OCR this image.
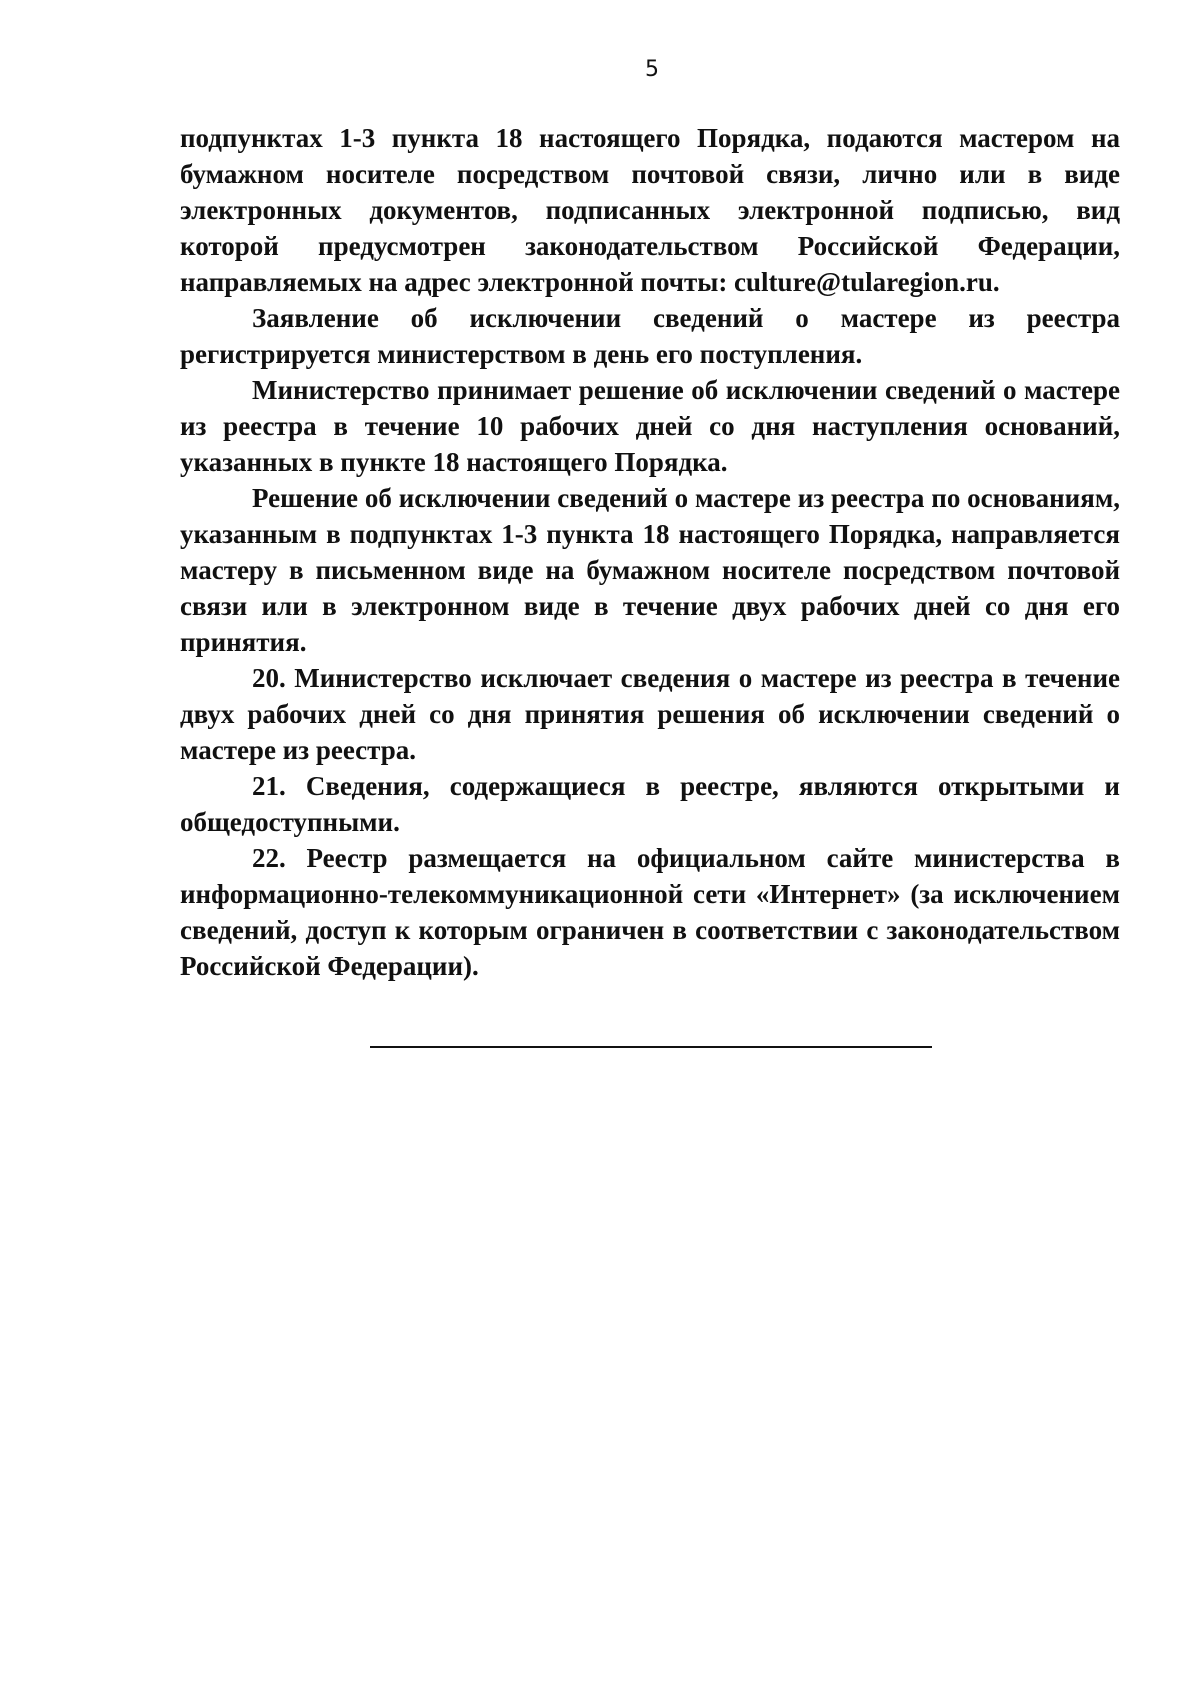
5

подпунктах 1-3 пункта 18 настоящего Порядка, подаются мастером на бумажном носителе посредством почтовой связи, лично или в виде электронных документов, подписанных электронной подписью, вид которой предусмотрен законодательством Российской Федерации, направляемых на адрес электронной почты: culture@tularegion.ru.

Заявление об исключении сведений о мастере из реестра регистрируется министерством в день его поступления.

Министерство принимает решение об исключении сведений о мастере из реестра в течение 10 рабочих дней со дня наступления оснований, указанных в пункте 18 настоящего Порядка.

Решение об исключении сведений о мастере из реестра по основаниям, указанным в подпунктах 1-3 пункта 18 настоящего Порядка, направляется мастеру в письменном виде на бумажном носителе посредством почтовой связи или в электронном виде в течение двух рабочих дней со дня его принятия.

20. Министерство исключает сведения о мастере из реестра в течение двух рабочих дней со дня принятия решения об исключении сведений о мастере из реестра.

21. Сведения, содержащиеся в реестре, являются открытыми и общедоступными.

22. Реестр размещается на официальном сайте министерства в информационно-телекоммуникационной сети «Интернет» (за исключением сведений, доступ к которым ограничен в соответствии с законодательством Российской Федерации).
